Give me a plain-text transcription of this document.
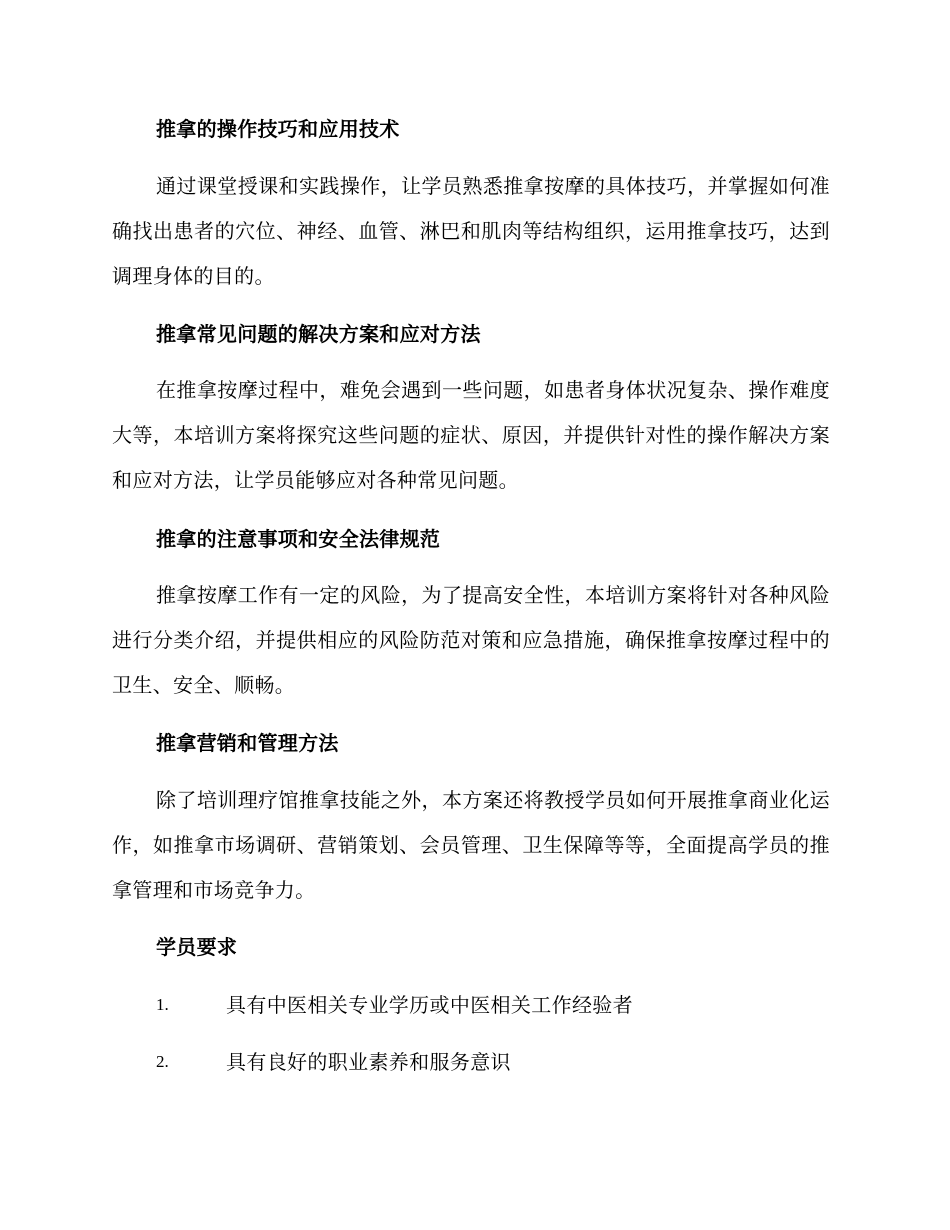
推拿的操作技巧和应用技术
通过课堂授课和实践操作，让学员熟悉推拿按摩的具体技巧，并掌握如何准确找出患者的穴位、神经、血管、淋巴和肌肉等结构组织，运用推拿技巧，达到调理身体的目的。
推拿常见问题的解决方案和应对方法
在推拿按摩过程中，难免会遇到一些问题，如患者身体状况复杂、操作难度大等，本培训方案将探究这些问题的症状、原因，并提供针对性的操作解决方案和应对方法，让学员能够应对各种常见问题。
推拿的注意事项和安全法律规范
推拿按摩工作有一定的风险，为了提高安全性，本培训方案将针对各种风险进行分类介绍，并提供相应的风险防范对策和应急措施，确保推拿按摩过程中的卫生、安全、顺畅。
推拿营销和管理方法
除了培训理疗馆推拿技能之外，本方案还将教授学员如何开展推拿商业化运作，如推拿市场调研、营销策划、会员管理、卫生保障等等，全面提高学员的推拿管理和市场竞争力。
学员要求
1.	具有中医相关专业学历或中医相关工作经验者
2.	具有良好的职业素养和服务意识
